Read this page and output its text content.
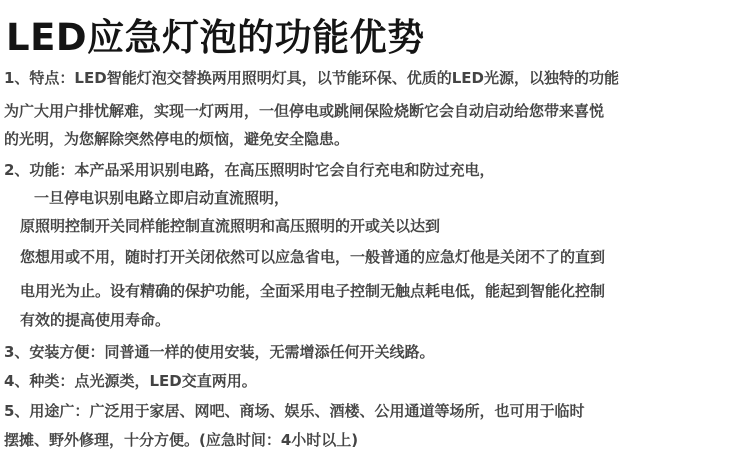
LED应急灯泡的功能优势
1、特点：LED智能灯泡交替换两用照明灯具，以节能环保、优质的LED光源，以独特的功能
为广大用户排忧解难，实现一灯两用，一但停电或跳闸保险烧断它会自动启动给您带来喜悦
的光明，为您解除突然停电的烦恼，避免安全隐患。
2、功能：本产品采用识别电路，在高压照明时它会自行充电和防过充电，
一旦停电识别电路立即启动直流照明，
原照明控制开关同样能控制直流照明和高压照明的开或关以达到
您想用或不用，随时打开关闭依然可以应急省电，一般普通的应急灯他是关闭不了的直到
电用光为止。设有精确的保护功能，全面采用电子控制无触点耗电低，能起到智能化控制
有效的提高使用寿命。
3、安装方便：同普通一样的使用安装，无需增添任何开关线路。
4、种类：点光源类，LED交直两用。
5、用途广：广泛用于家居、网吧、商场、娱乐、酒楼、公用通道等场所，也可用于临时
摆摊、野外修理，十分方便。(应急时间：4小时以上)
